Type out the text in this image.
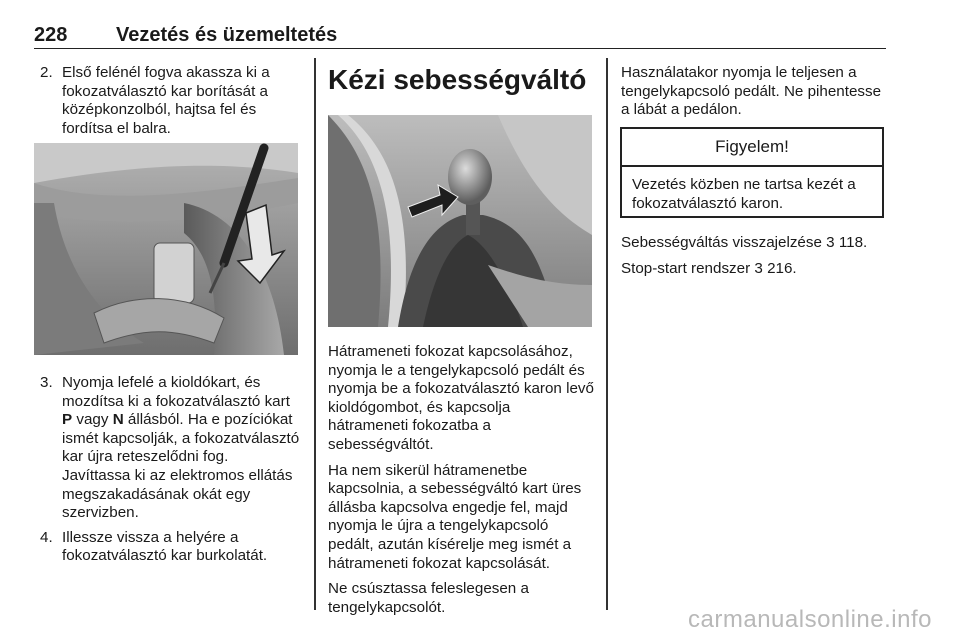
228 Vezetés és üzemeltetés
2. Első felénél fogva akassza ki a fokozatválasztó kar borítását a középkonzolból, hajtsa fel és fordítsa el balra.
3. Nyomja lefelé a kioldókart, és mozdítsa ki a fokozatválasztó kart P vagy N állásból. Ha e pozíciókat ismét kapcsolják, a fokozatválasztó kar újra reteszelődni fog. Javíttassa ki az elektromos ellátás megszakadásának okát egy szervizben.
4. Illessze vissza a helyére a fokozatválasztó kar burkolatát.
Kézi sebességváltó

Hátrameneti fokozat kapcsolásához, nyomja le a tengelykapcsoló pedált és nyomja be a fokozatválasztó karon levő kioldógombot, és kapcsolja hátrameneti fokozatba a sebességváltót.

Ha nem sikerül hátramenetbe kapcsolnia, a sebességváltó kart üres állásba kapcsolva engedje fel, majd nyomja le újra a tengelykapcsoló pedált, azután kísérelje meg ismét a hátrameneti fokozat kapcsolását.

Ne csúsztassa feleslegesen a tengelykapcsolót.

Használatakor nyomja le teljesen a tengelykapcsoló pedált. Ne pihentesse a lábát a pedálon.

Figyelem!
Vezetés közben ne tartsa kezét a fokozatválasztó karon.

Sebességváltás visszajelzése 3 118.

Stop-start rendszer 3 216.

carmanualsonline.info
